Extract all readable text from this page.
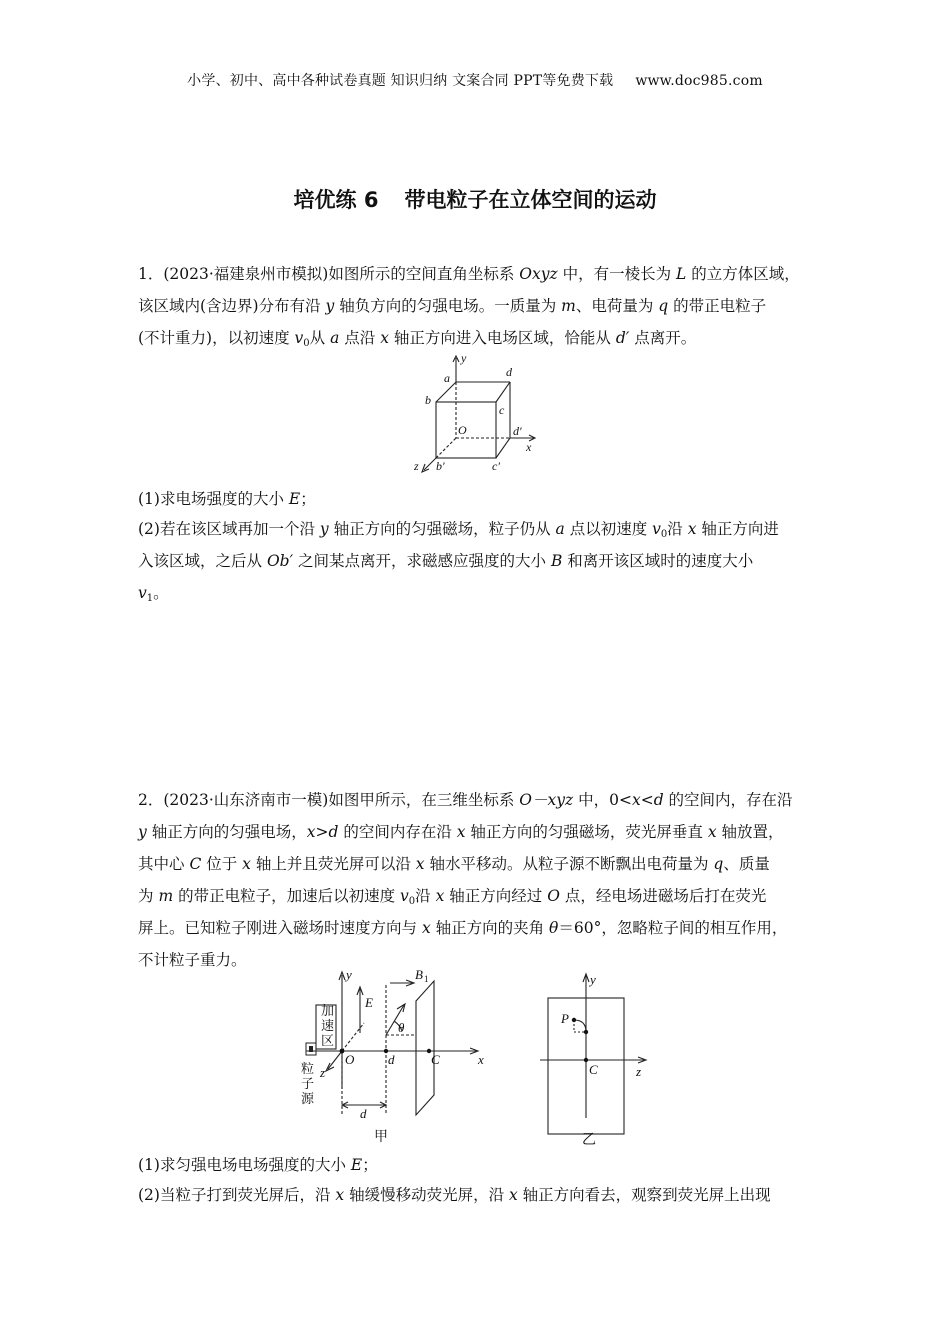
小学、初中、高中各种试卷真题 知识归纳 文案合同 PPT等免费下载 www.doc985.com
培优练 6 带电粒子在立体空间的运动

1．(2023·福建泉州市模拟)如图所示的空间直角坐标系 Oxyz 中，有一棱长为 L 的立方体区域，
该区域内(含边界)分布有沿 y 轴负方向的匀强电场。一质量为 m、电荷量为 q 的带正电粒子
(不计重力)，以初速度 $v_0$从 a 点沿 x 轴正方向进入电场区域，恰能从 d′ 点离开。

y
a	d
b
c
O	d′
x
z b′	c′

(1)求电场强度的大小 E；

(2)若在该区域再加一个沿 y 轴正方向的匀强磁场，粒子仍从 a 点以初速度 $v_0$沿 x 轴正方向进
入该区域，之后从 Ob′ 之间某点离开，求磁感应强度的大小 B 和离开该区域时的速度大小
$v_1$。

2．(2023·山东济南市一模)如图甲所示，在三维坐标系 O－xyz 中，0<x<d 的空间内，存在沿
y 轴正方向的匀强电场，x>d 的空间内存在沿 x 轴正方向的匀强磁场，荧光屏垂直 x 轴放置，
其中心 C 位于 x 轴上并且荧光屏可以沿 x 轴水平移动。从粒子源不断飘出电荷量为 q、质量
为 m 的带正电粒子，加速后以初速度 $v_0$沿 x 轴正方向经过 O 点，经电场进磁场后打在荧光
屏上。已知粒子刚进入磁场时速度方向与 x 轴正方向的夹角 θ＝60°，忽略粒子间的相互作用，
不计粒子重力。

y
E
B 1
θ
加
速
区
粒
子
源
O	d	C	x
z
d
甲
y
P
C	z
乙

(1)求匀强电场电场强度的大小 E；

(2)当粒子打到荧光屏后，沿 x 轴缓慢移动荧光屏，沿 x 轴正方向看去，观察到荧光屏上出现
